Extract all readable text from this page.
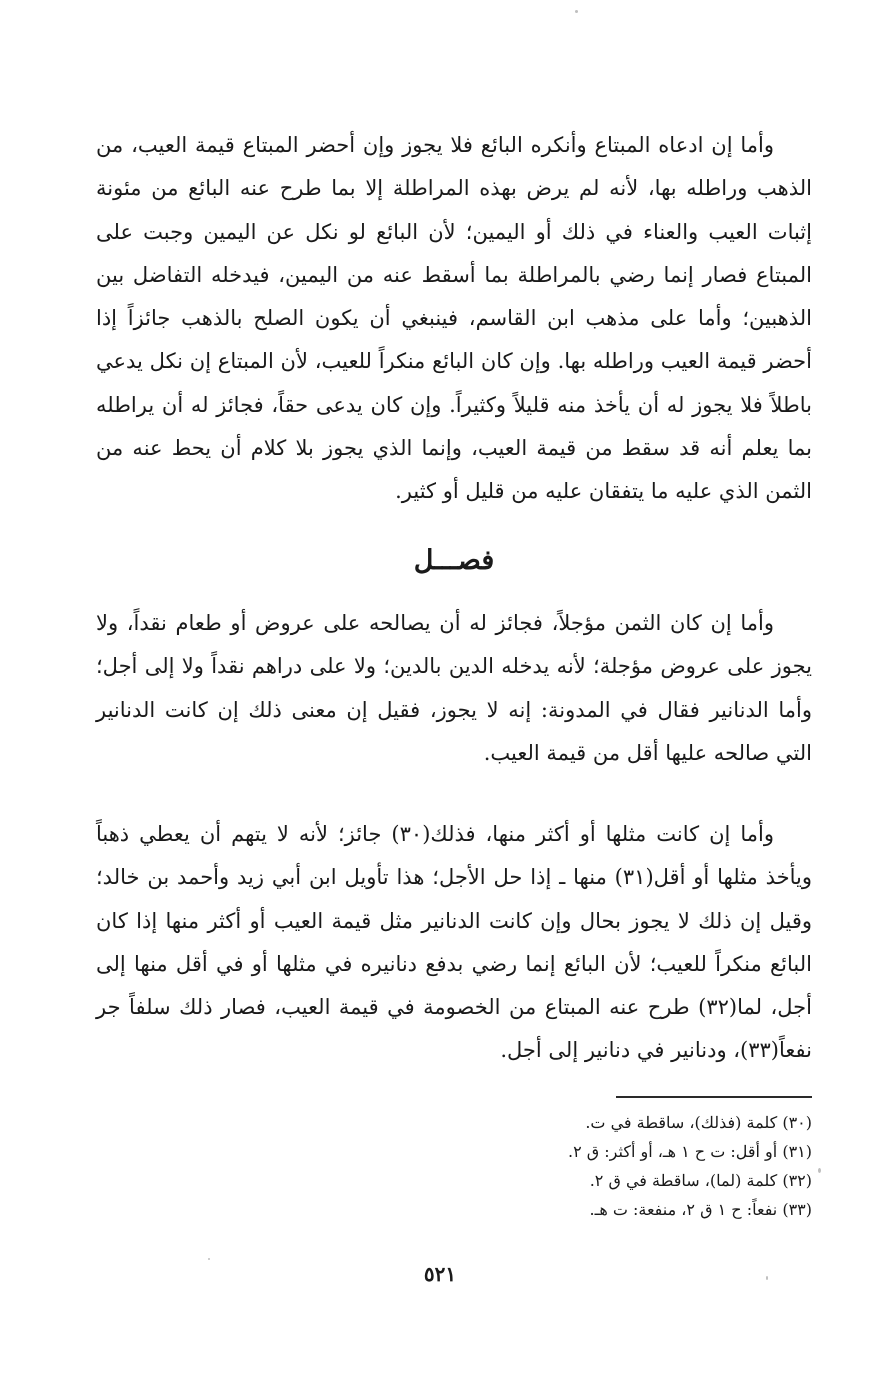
وأما إن ادعاه المبتاع وأنكره البائع فلا يجوز وإن أحضر المبتاع قيمة العيب، من الذهب وراطله بها، لأنه لم يرض بهذه المراطلة إلا بما طرح عنه البائع من مئونة إثبات العيب والعناء في ذلك أو اليمين؛ لأن البائع لو نكل عن اليمين وجبت على المبتاع فصار إنما رضي بالمراطلة بما أسقط عنه من اليمين، فيدخله التفاضل بين الذهبين؛ وأما على مذهب ابن القاسم، فينبغي أن يكون الصلح بالذهب جائزاً إذا أحضر قيمة العيب وراطله بها. وإن كان البائع منكراً للعيب، لأن المبتاع إن نكل يدعي باطلاً فلا يجوز له أن يأخذ منه قليلاً وكثيراً. وإن كان يدعى حقاً، فجائز له أن يراطله بما يعلم أنه قد سقط من قيمة العيب، وإنما الذي يجوز بلا كلام أن يحط عنه من الثمن الذي عليه ما يتفقان عليه من قليل أو كثير.

فصـــل

وأما إن كان الثمن مؤجلاً، فجائز له أن يصالحه على عروض أو طعام نقداً، ولا يجوز على عروض مؤجلة؛ لأنه يدخله الدين بالدين؛ ولا على دراهم نقداً ولا إلى أجل؛ وأما الدنانير فقال في المدونة: إنه لا يجوز، فقيل إن معنى ذلك إن كانت الدنانير التي صالحه عليها أقل من قيمة العيب.

وأما إن كانت مثلها أو أكثر منها، فذلك(٣٠) جائز؛ لأنه لا يتهم أن يعطي ذهباً ويأخذ مثلها أو أقل(٣١) منها ـ إذا حل الأجل؛ هذا تأويل ابن أبي زيد وأحمد بن خالد؛ وقيل إن ذلك لا يجوز بحال وإن كانت الدنانير مثل قيمة العيب أو أكثر منها إذا كان البائع منكراً للعيب؛ لأن البائع إنما رضي بدفع دنانيره في مثلها أو في أقل منها إلى أجل، لما(٣٢) طرح عنه المبتاع من الخصومة في قيمة العيب، فصار ذلك سلفاً جر نفعاً(٣٣)، ودنانير في دنانير إلى أجل.

(٣٠) كلمة (فذلك)، ساقطة في ت.
(٣١) أو أقل: ت ح ١ هـ، أو أكثر: ق ٢.
(٣٢) كلمة (لما)، ساقطة في ق ٢.
(٣٣) نفعاً: ح ١ ق ٢، منفعة: ت هـ.
٥٢١
